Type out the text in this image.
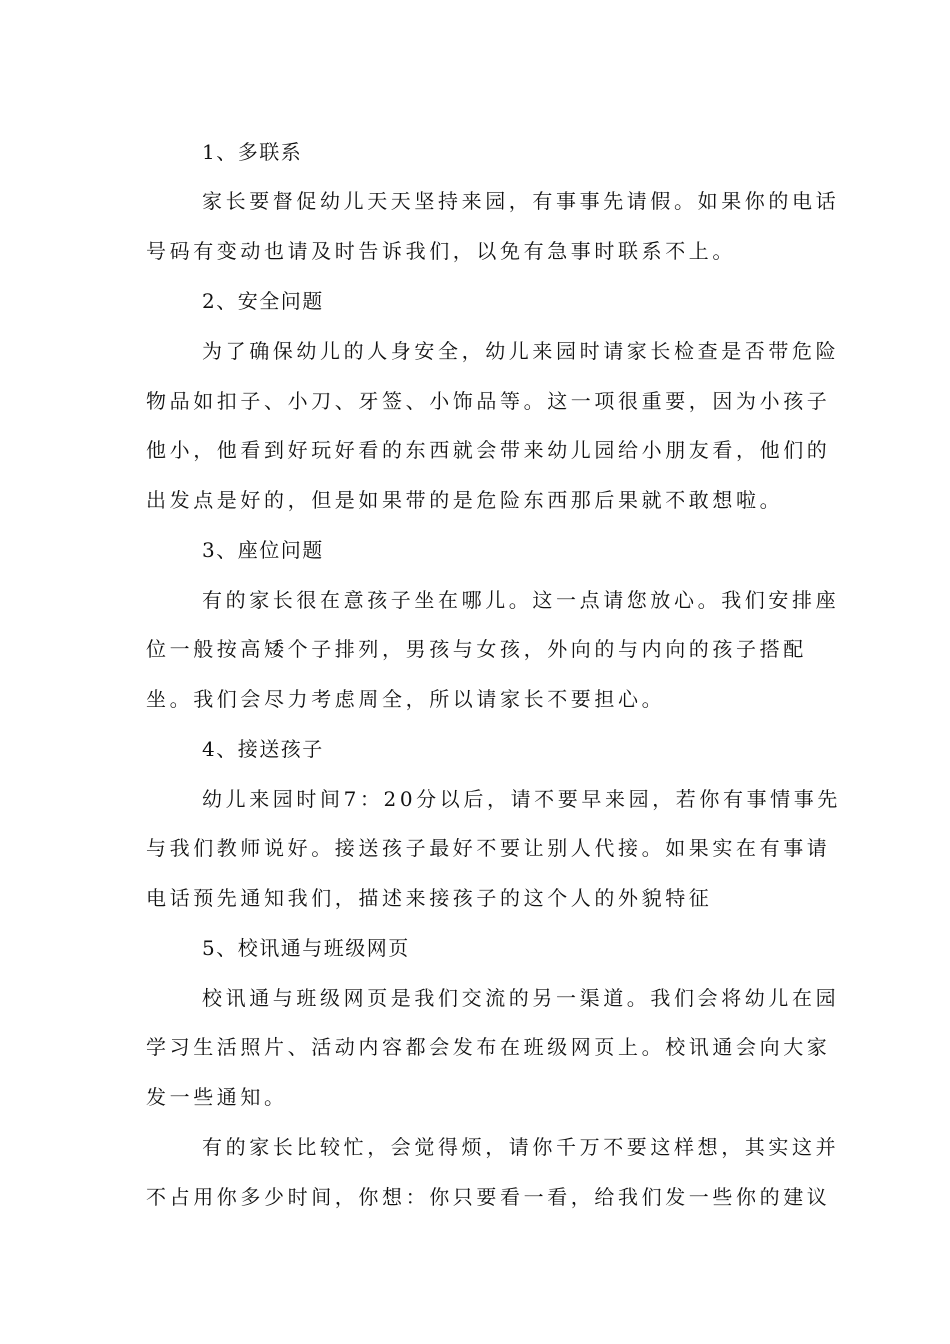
1、多联系
家长要督促幼儿天天坚持来园，有事事先请假。如果你的电话
号码有变动也请及时告诉我们，以免有急事时联系不上。
2、安全问题
为了确保幼儿的人身安全，幼儿来园时请家长检查是否带危险
物品如扣子、小刀、牙签、小饰品等。这一项很重要，因为小孩子
他小，他看到好玩好看的东西就会带来幼儿园给小朋友看，他们的
出发点是好的，但是如果带的是危险东西那后果就不敢想啦。
3、座位问题
有的家长很在意孩子坐在哪儿。这一点请您放心。我们安排座
位一般按高矮个子排列，男孩与女孩，外向的与内向的孩子搭配
坐。我们会尽力考虑周全，所以请家长不要担心。
4、接送孩子
幼儿来园时间7：20分以后，请不要早来园，若你有事情事先
与我们教师说好。接送孩子最好不要让别人代接。如果实在有事请
电话预先通知我们，描述来接孩子的这个人的外貌特征
5、校讯通与班级网页
校讯通与班级网页是我们交流的另一渠道。我们会将幼儿在园
学习生活照片、活动内容都会发布在班级网页上。校讯通会向大家
发一些通知。
有的家长比较忙，会觉得烦，请你千万不要这样想，其实这并
不占用你多少时间，你想：你只要看一看，给我们发一些你的建议
